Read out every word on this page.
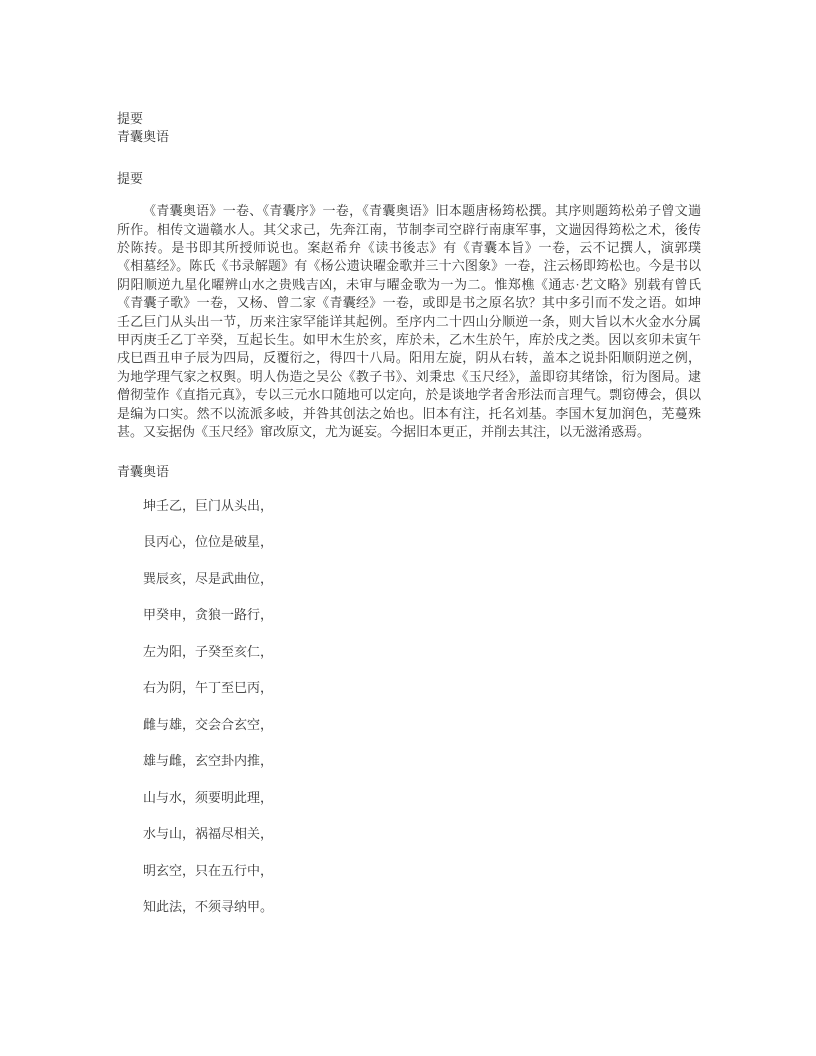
提要
青囊奥语
提要

《青囊奥语》一卷、《青囊序》一卷，《青囊奥语》旧本题唐杨筠松撰。其序则题筠松弟子曾文遄所作。相传文遄赣水人。其父求己，先奔江南，节制李司空辟行南康军事，文遄因得筠松之术，後传於陈抟。是书即其所授师说也。案赵希弁《读书後志》有《青囊本旨》一卷，云不记撰人，演郭璞《相墓经》。陈氏《书录解题》有《杨公遗诀曜金歌并三十六图象》一卷，注云杨即筠松也。今是书以阴阳顺逆九星化曜辨山水之贵贱吉凶，未审与曜金歌为一为二。惟郑樵《通志·艺文略》别载有曾氏《青囊子歌》一卷，又杨、曾二家《青囊经》一卷，或即是书之原名欤？其中多引而不发之语。如坤壬乙巨门从头出一节，历来注家罕能详其起例。至序内二十四山分顺逆一条，则大旨以木火金水分属甲丙庚壬乙丁辛癸，互起长生。如甲木生於亥，库於未，乙木生於午，库於戌之类。因以亥卯未寅午戌巳酉丑申子辰为四局，反覆衍之，得四十八局。阳用左旋，阴从右转，盖本之说卦阳顺阴逆之例，为地学理气家之权舆。明人伪造之吴公《教子书》、刘秉忠《玉尺经》，盖即窃其绪馀，衍为图局。逮僧彻莹作《直指元真》，专以三元水口随地可以定向，於是谈地学者舍形法而言理气。剽窃傅会，俱以是编为口实。然不以流派多岐，并咎其创法之始也。旧本有注，托名刘基。李国木复加润色，芜蔓殊甚。又妄据伪《玉尺经》窜改原文，尤为诞妄。今据旧本更正，并削去其注，以无滋淆惑焉。

青囊奥语

坤壬乙，巨门从头出，

艮丙心，位位是破星，

巽辰亥，尽是武曲位，

甲癸申，贪狼一路行，

左为阳，子癸至亥仁，

右为阴，午丁至巳丙，

雌与雄，交会合玄空，

雄与雌，玄空卦内推，

山与水，须要明此理，

水与山，祸福尽相关，

明玄空，只在五行中，

知此法，不须寻纳甲。
